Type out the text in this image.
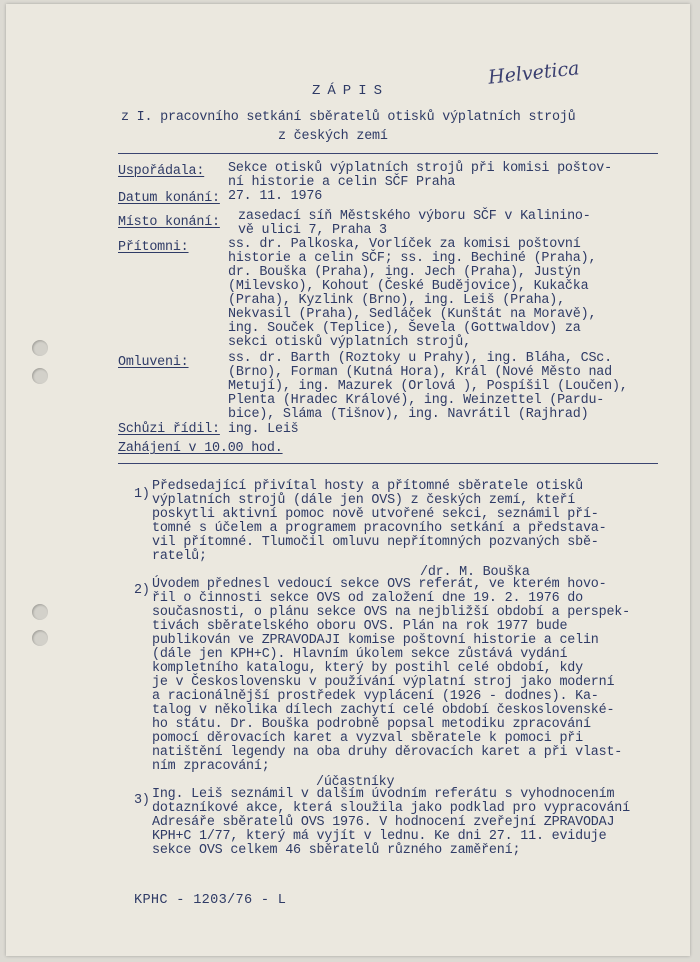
Helvetica
ZÁPIS
z I. pracovního setkání sběratelů otisků výplatních strojů
z českých zemí
Uspořádala: Sekce otisků výplatních strojů při komisi poštov-
ní historie a celin SČF Praha
Datum konání: 27. 11. 1976
Místo konání: zasedací síň Městského výboru SČF v Kalinino-
vě ulici 7, Praha 3
Přítomni:	ss. dr. Palkoska, Vorlíček za komisi poštovní
historie a celin SČF; ss. ing. Bechiné (Praha),
dr. Bouška (Praha), ing. Jech (Praha), Justýn
(Milevsko), Kohout (České Budějovice), Kukačka
(Praha), Kyzlink (Brno), ing. Leiš (Praha),
Nekvasil (Praha), Sedláček (Kunštát na Moravě),
ing. Souček (Teplice), Ševela (Gottwaldov) za
sekci otisků výplatních strojů,
Omluveni:	ss. dr. Barth (Roztoky u Prahy), ing. Bláha, CSc.
(Brno), Forman (Kutná Hora), Král (Nové Město nad
Metují), ing. Mazurek (Orlová ), Pospíšil (Loučen),
Plenta (Hradec Králové), ing. Weinzettel (Pardu-
bice), Sláma (Tišnov), ing. Navrátil (Rajhrad)
Schůzi řídil: ing. Leiš
Zahájení v 10.00 hod.
1)
Předsedající přivítal hosty a přítomné sběratele otisků
výplatních strojů (dále jen OVS) z českých zemí, kteří
poskytli aktivní pomoc nově utvořené sekci, seznámil pří-
tomné s účelem a programem pracovního setkání a představa-
vil přítomné. Tlumočil omluvu nepřítomných pozvaných sbě-
ratelů;
/dr. M. Bouška
2) Úvodem přednesl vedoucí sekce OVS referát, ve kterém hovo-
řil o činnosti sekce OVS od založení dne 19. 2. 1976 do
současnosti, o plánu sekce OVS na nejbližší období a perspek-
tivách sběratelského oboru OVS. Plán na rok 1977 bude
publikován ve ZPRAVODAJI komise poštovní historie a celin
(dále jen KPH+C). Hlavním úkolem sekce zůstává vydání
kompletního katalogu, který by postihl celé období, kdy
je v Československu v používání výplatní stroj jako moderní
a racionálnější prostředek vyplácení (1926 - dodnes). Ka-
talog v několika dílech zachytí celé období československé-
ho státu. Dr. Bouška podrobně popsal metodiku zpracování
pomocí děrovacích karet a vyzval sběratele k pomoci při
natištění legendy na oba druhy děrovacích karet a při vlast-
ním zpracování;
/účastníky
3) Ing. Leiš seznámil v dalším úvodním referátu s vyhodnocením
dotazníkové akce, která sloužila jako podklad pro vypracování
Adresáře sběratelů OVS 1976. V hodnocení zveřejní ZPRAVODAJ
KPH+C 1/77, který má vyjít v lednu. Ke dni 27. 11. eviduje
sekce OVS celkem 46 sběratelů různého zaměření;
KPHC - 1203/76 - L
